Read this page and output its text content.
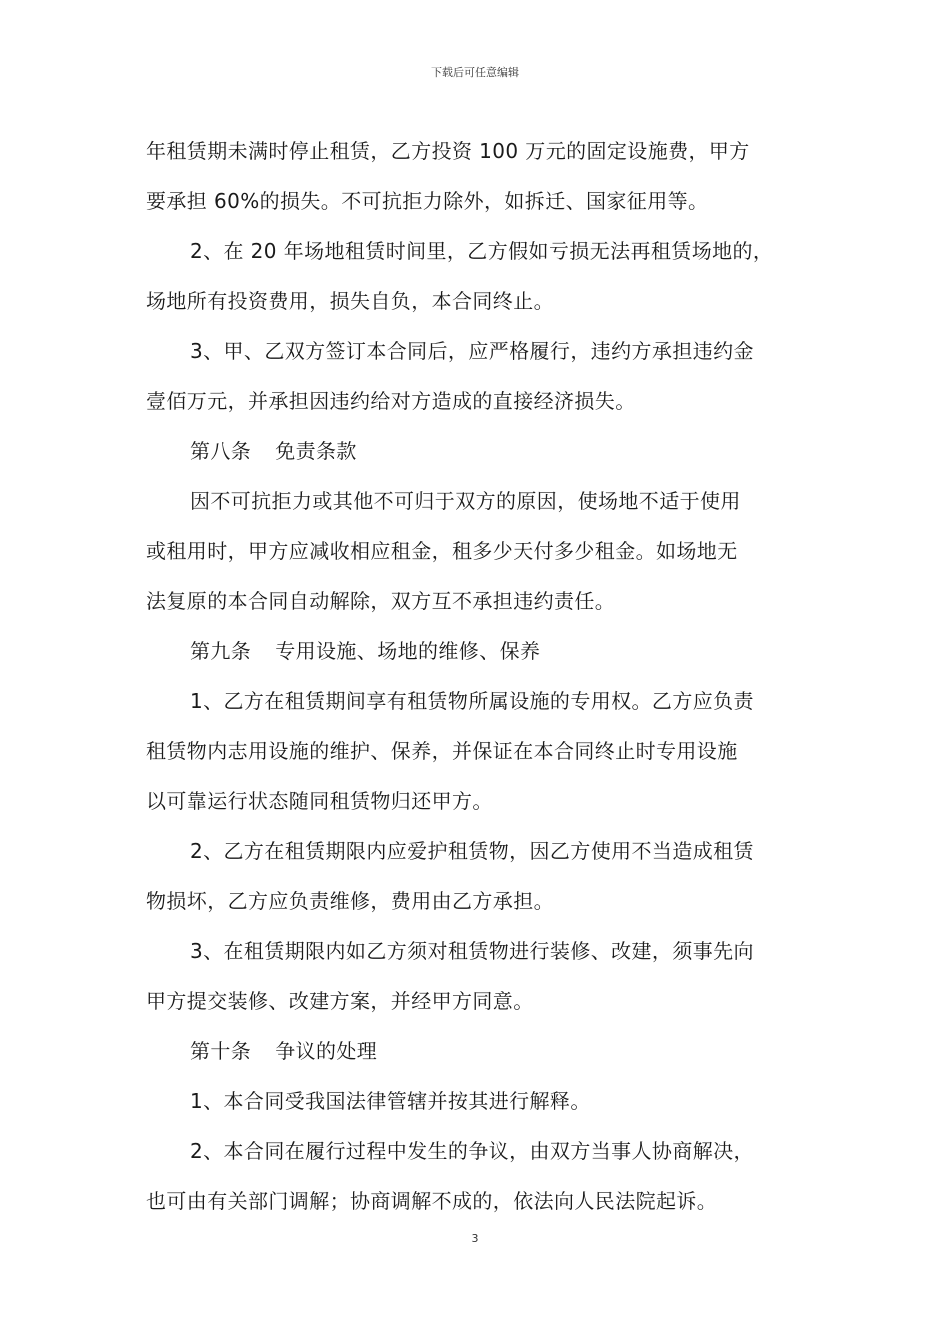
下载后可任意编辑
年租赁期未满时停止租赁，乙方投资 100 万元的固定设施费，甲方
要承担 60%的损失。不可抗拒力除外，如拆迁、国家征用等。
2、在 20 年场地租赁时间里，乙方假如亏损无法再租赁场地的，
场地所有投资费用，损失自负，本合同终止。
3、甲、乙双方签订本合同后，应严格履行，违约方承担违约金
壹佰万元，并承担因违约给对方造成的直接经济损失。
第八条 免责条款
因不可抗拒力或其他不可归于双方的原因，使场地不适于使用
或租用时，甲方应减收相应租金，租多少天付多少租金。如场地无
法复原的本合同自动解除，双方互不承担违约责任。
第九条 专用设施、场地的维修、保养
1、乙方在租赁期间享有租赁物所属设施的专用权。乙方应负责
租赁物内志用设施的维护、保养，并保证在本合同终止时专用设施
以可靠运行状态随同租赁物归还甲方。
2、乙方在租赁期限内应爱护租赁物，因乙方使用不当造成租赁
物损坏，乙方应负责维修，费用由乙方承担。
3、在租赁期限内如乙方须对租赁物进行装修、改建，须事先向
甲方提交装修、改建方案，并经甲方同意。
第十条 争议的处理
1、本合同受我国法律管辖并按其进行解释。
2、本合同在履行过程中发生的争议，由双方当事人协商解决，
也可由有关部门调解；协商调解不成的，依法向人民法院起诉。
3
